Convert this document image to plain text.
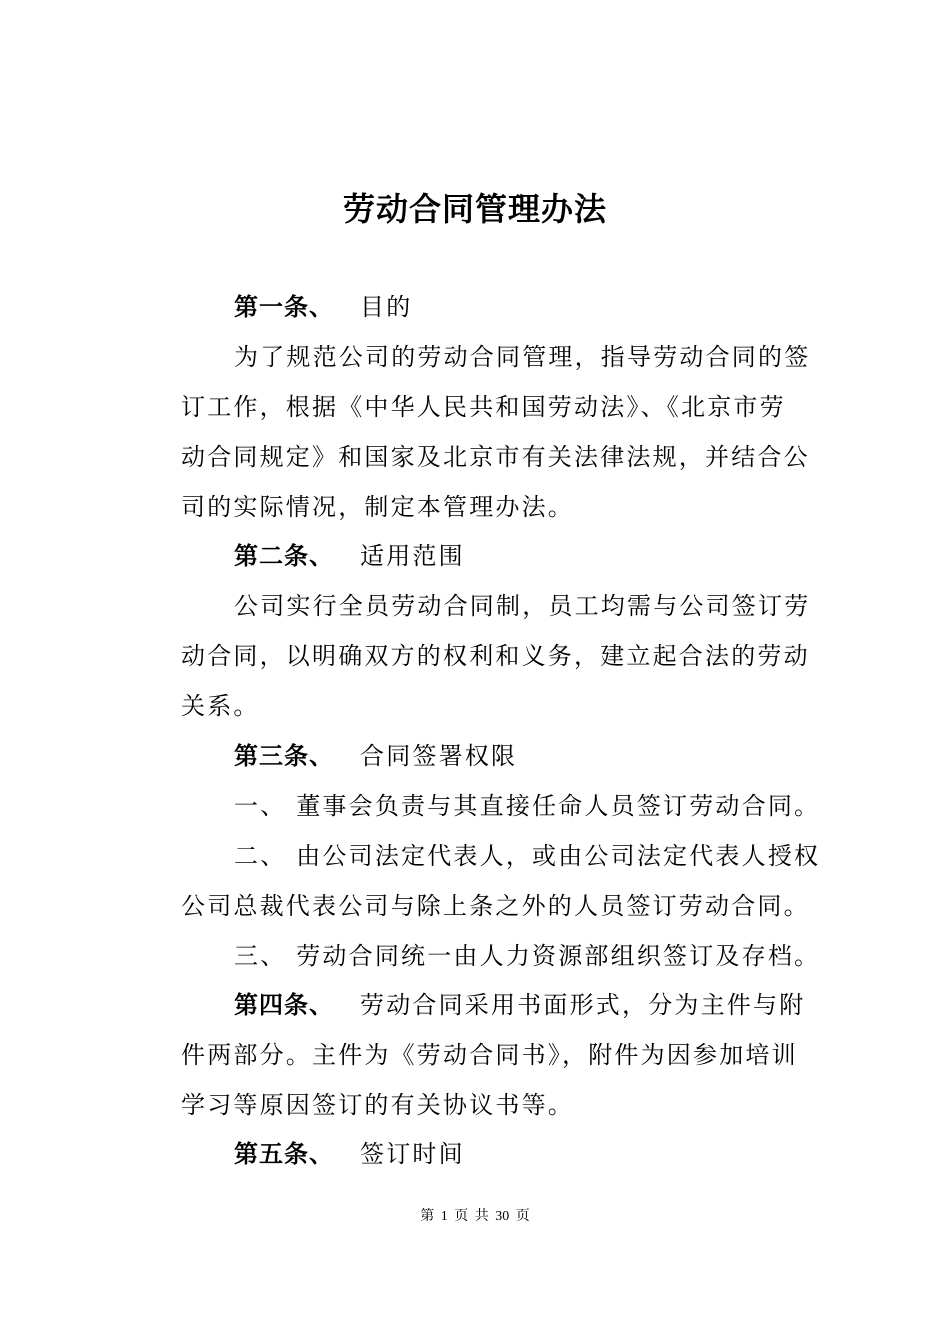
劳动合同管理办法
第一条、 目的
为了规范公司的劳动合同管理，指导劳动合同的签
订工作，根据《中华人民共和国劳动法》、《北京市劳
动合同规定》和国家及北京市有关法律法规，并结合公
司的实际情况，制定本管理办法。
第二条、 适用范围
公司实行全员劳动合同制，员工均需与公司签订劳
动合同，以明确双方的权利和义务，建立起合法的劳动
关系。
第三条、 合同签署权限
一、 董事会负责与其直接任命人员签订劳动合同。
二、 由公司法定代表人，或由公司法定代表人授权
公司总裁代表公司与除上条之外的人员签订劳动合同。
三、 劳动合同统一由人力资源部组织签订及存档。
第四条、 劳动合同采用书面形式，分为主件与附
件两部分。主件为《劳动合同书》，附件为因参加培训
学习等原因签订的有关协议书等。
第五条、 签订时间
第 1 页 共 30 页
